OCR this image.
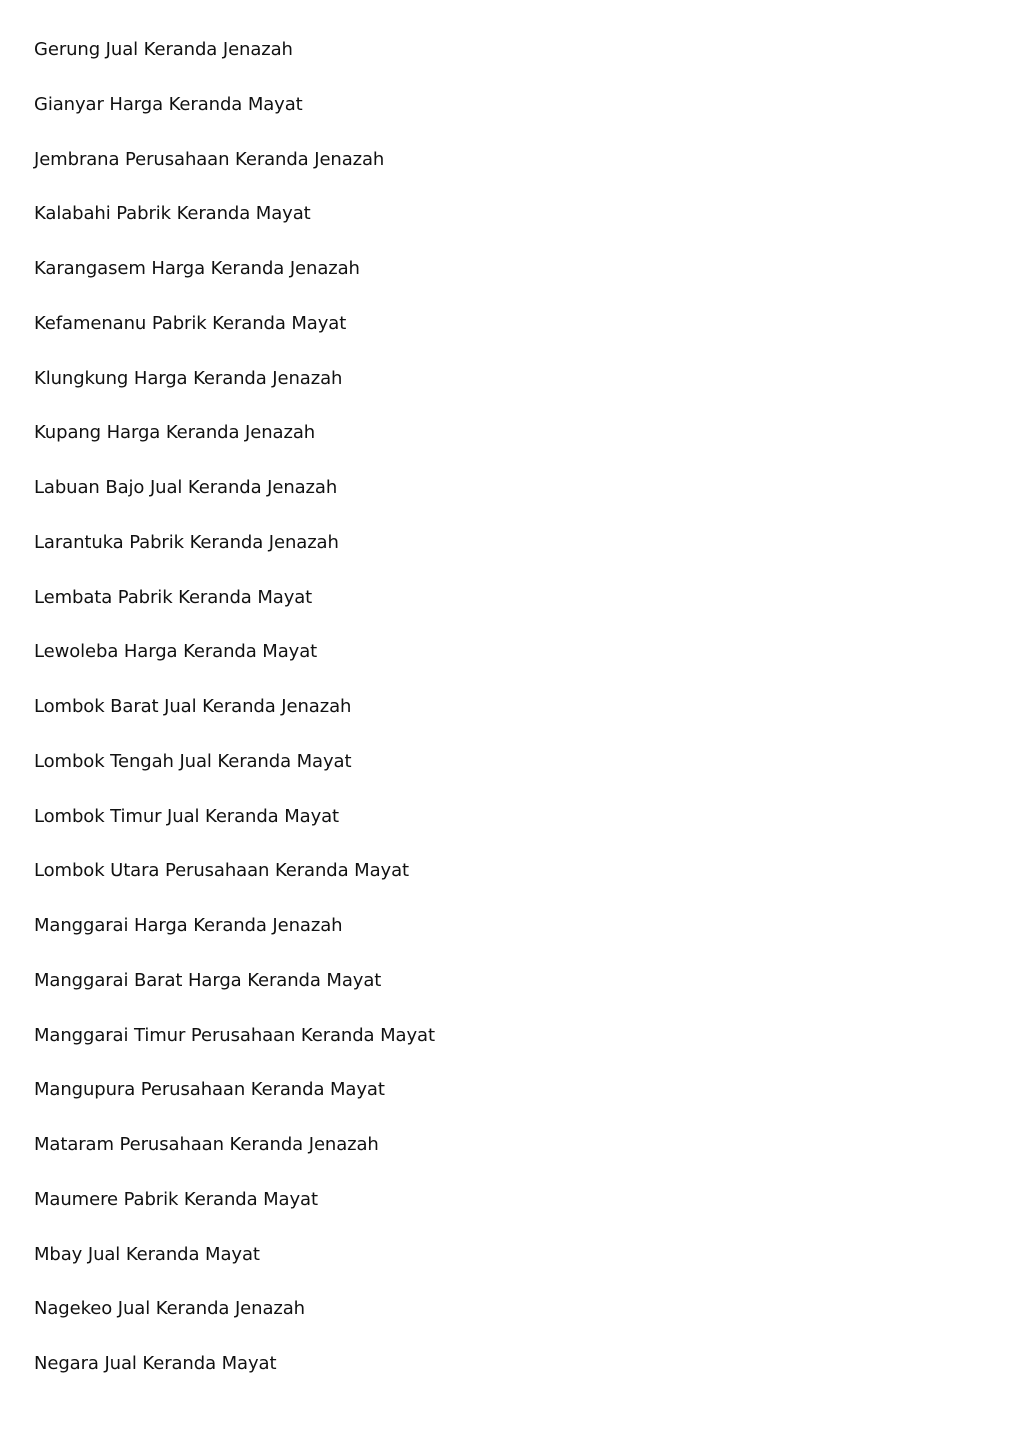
Gerung Jual Keranda Jenazah
Gianyar Harga Keranda Mayat
Jembrana Perusahaan Keranda Jenazah
Kalabahi Pabrik Keranda Mayat
Karangasem Harga Keranda Jenazah
Kefamenanu Pabrik Keranda Mayat
Klungkung Harga Keranda Jenazah
Kupang Harga Keranda Jenazah
Labuan Bajo Jual Keranda Jenazah
Larantuka Pabrik Keranda Jenazah
Lembata Pabrik Keranda Mayat
Lewoleba Harga Keranda Mayat
Lombok Barat Jual Keranda Jenazah
Lombok Tengah Jual Keranda Mayat
Lombok Timur Jual Keranda Mayat
Lombok Utara Perusahaan Keranda Mayat
Manggarai Harga Keranda Jenazah
Manggarai Barat Harga Keranda Mayat
Manggarai Timur Perusahaan Keranda Mayat
Mangupura Perusahaan Keranda Mayat
Mataram Perusahaan Keranda Jenazah
Maumere Pabrik Keranda Mayat
Mbay Jual Keranda Mayat
Nagekeo Jual Keranda Jenazah
Negara Jual Keranda Mayat
